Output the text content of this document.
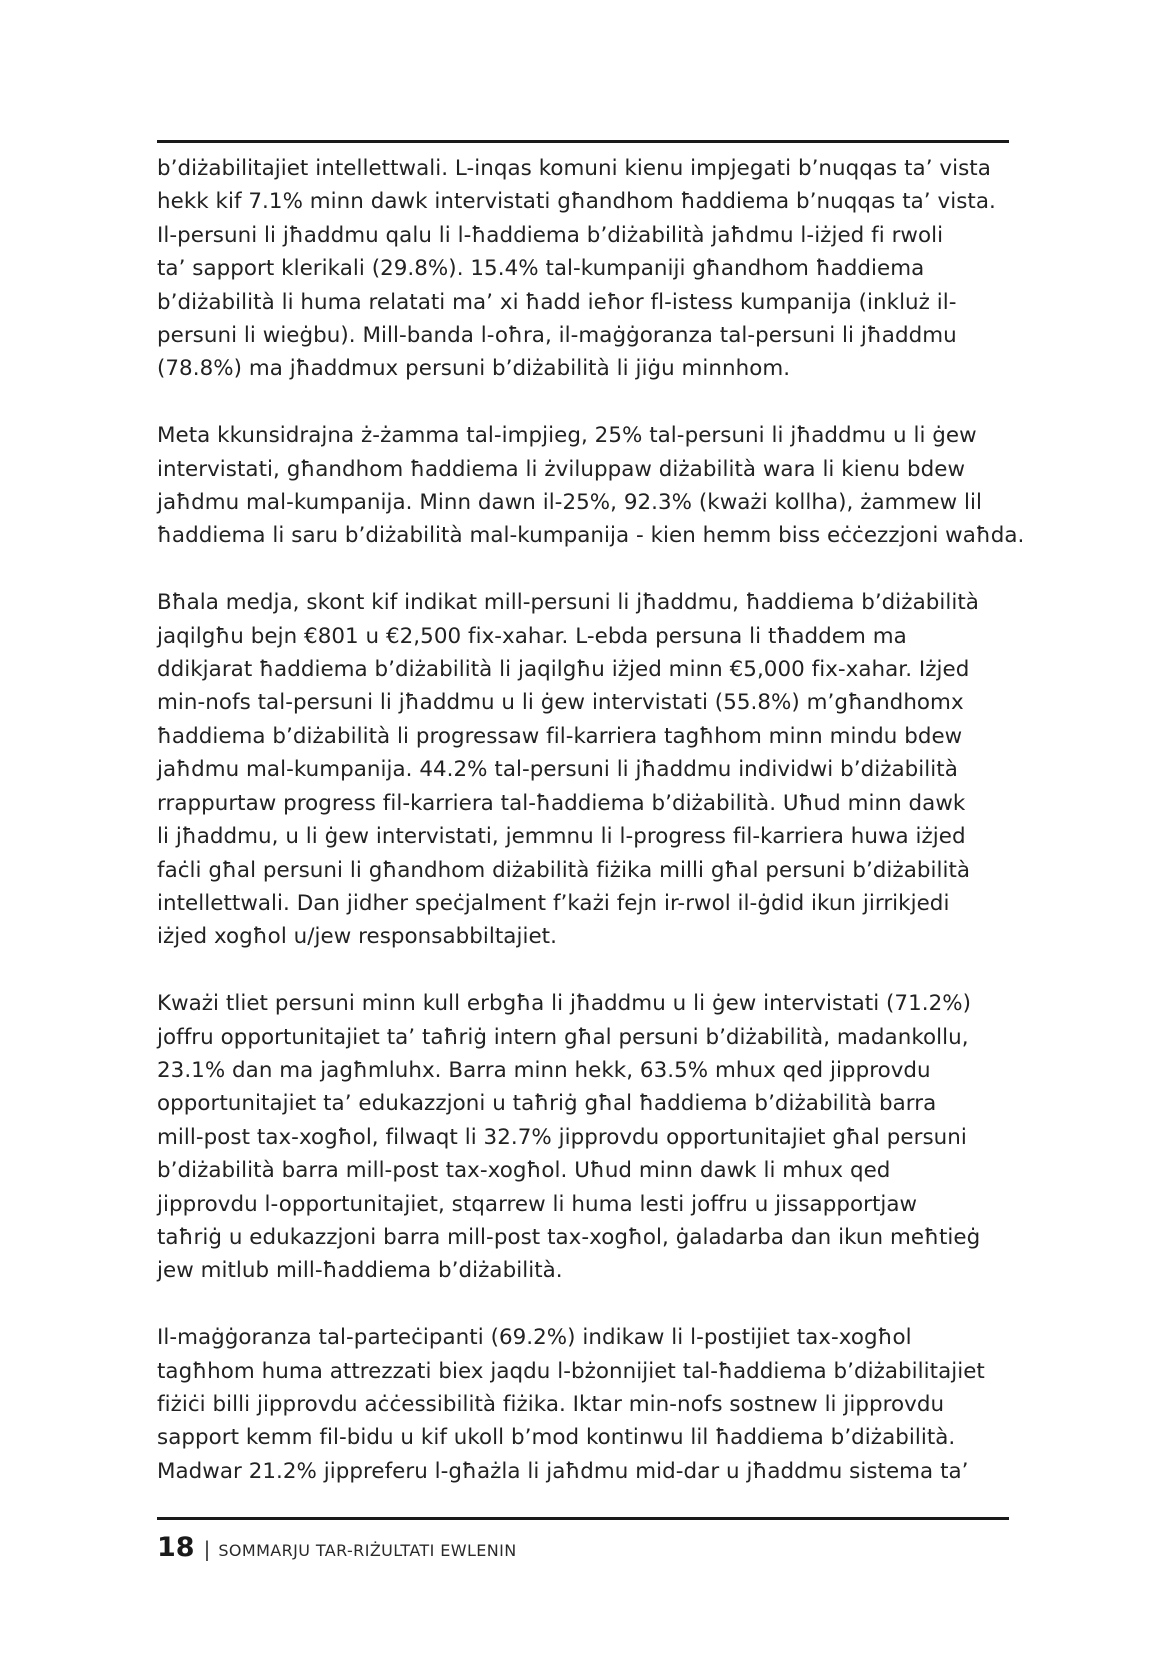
b’diżabilitajiet intellettwali. L-inqas komuni kienu impjegati b’nuqqas ta’ vista
hekk kif 7.1% minn dawk intervistati għandhom ħaddiema b’nuqqas ta’ vista.
Il-persuni li jħaddmu qalu li l-ħaddiema b’diżabilità jaħdmu l-iżjed fi rwoli
ta’ sapport klerikali (29.8%). 15.4% tal-kumpaniji għandhom ħaddiema
b’diżabilità li huma relatati ma’ xi ħadd ieħor fl-istess kumpanija (inkluż il-
persuni li wieġbu). Mill-banda l-oħra, il-maġġoranza tal-persuni li jħaddmu
(78.8%) ma jħaddmux persuni b’diżabilità li jiġu minnhom.

Meta kkunsidrajna ż-żamma tal-impjieg, 25% tal-persuni li jħaddmu u li ġew
intervistati, għandhom ħaddiema li żviluppaw diżabilità wara li kienu bdew
jaħdmu mal-kumpanija. Minn dawn il-25%, 92.3% (kważi kollha), żammew lil
ħaddiema li saru b’diżabilità mal-kumpanija - kien hemm biss eċċezzjoni waħda.

Bħala medja, skont kif indikat mill-persuni li jħaddmu, ħaddiema b’diżabilità
jaqilgħu bejn €801 u €2,500 fix-xahar. L-ebda persuna li tħaddem ma
ddikjarat ħaddiema b’diżabilità li jaqilgħu iżjed minn €5,000 fix-xahar. Iżjed
min-nofs tal-persuni li jħaddmu u li ġew intervistati (55.8%) m’għandhomx
ħaddiema b’diżabilità li progressaw fil-karriera tagħhom minn mindu bdew
jaħdmu mal-kumpanija. 44.2% tal-persuni li jħaddmu individwi b’diżabilità
rrappurtaw progress fil-karriera tal-ħaddiema b’diżabilità. Uħud minn dawk
li jħaddmu, u li ġew intervistati, jemmnu li l-progress fil-karriera huwa iżjed
faċli għal persuni li għandhom diżabilità fiżika milli għal persuni b’diżabilità
intellettwali. Dan jidher speċjalment f’każi fejn ir-rwol il-ġdid ikun jirrikjedi
iżjed xogħol u/jew responsabbiltajiet.

Kważi tliet persuni minn kull erbgħa li jħaddmu u li ġew intervistati (71.2%)
joffru opportunitajiet ta’ taħriġ intern għal persuni b’diżabilità, madankollu,
23.1% dan ma jagħmluhx. Barra minn hekk, 63.5% mhux qed jipprovdu
opportunitajiet ta’ edukazzjoni u taħriġ għal ħaddiema b’diżabilità barra
mill-post tax-xogħol, filwaqt li 32.7% jipprovdu opportunitajiet għal persuni
b’diżabilità barra mill-post tax-xogħol. Uħud minn dawk li mhux qed
jipprovdu l-opportunitajiet, stqarrew li huma lesti joffru u jissapportjaw
taħriġ u edukazzjoni barra mill-post tax-xogħol, ġaladarba dan ikun meħtieġ
jew mitlub mill-ħaddiema b’diżabilità.

Il-maġġoranza tal-parteċipanti (69.2%) indikaw li l-postijiet tax-xogħol
tagħhom huma attrezzati biex jaqdu l-bżonnijiet tal-ħaddiema b’diżabilitajiet
fiżiċi billi jipprovdu aċċessibilità fiżika. Iktar min-nofs sostnew li jipprovdu
sapport kemm fil-bidu u kif ukoll b’mod kontinwu lil ħaddiema b’diżabilità.
Madwar 21.2% jippreferu l-għażla li jaħdmu mid-dar u jħaddmu sistema ta’

18 | SOMMARJU TAR-RIŻULTATI EWLENIN
